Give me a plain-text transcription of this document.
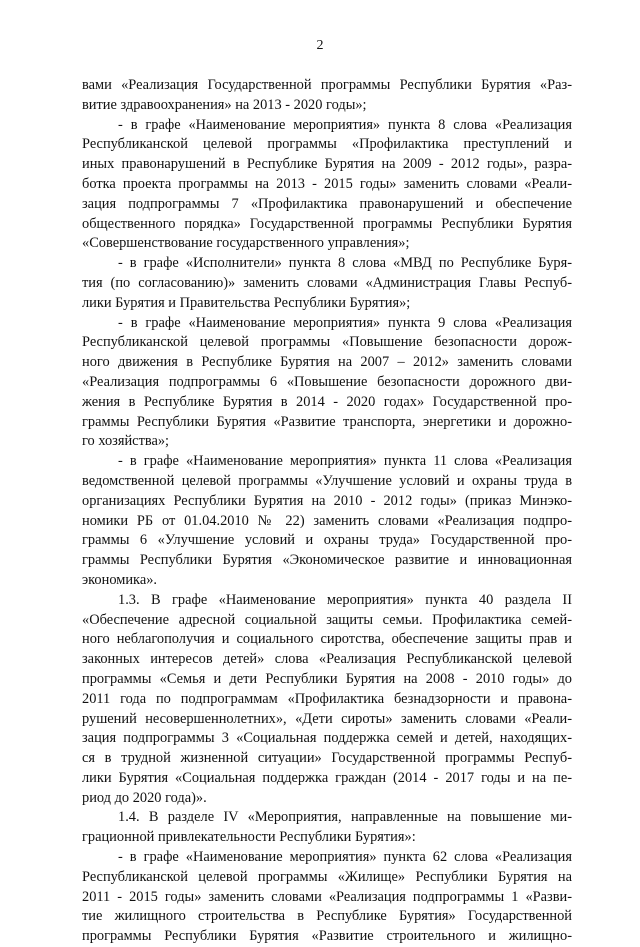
2
вами «Реализация Государственной программы Республики Бурятия «Раз-
витие здравоохранения» на 2013 - 2020 годы»;
- в графе «Наименование мероприятия» пункта 8 слова «Реализация
Республиканской целевой программы «Профилактика преступлений и
иных правонарушений в Республике Бурятия на 2009 - 2012 годы», разра-
ботка проекта программы на 2013 - 2015 годы» заменить словами «Реали-
зация подпрограммы 7 «Профилактика правонарушений и обеспечение
общественного порядка» Государственной программы Республики Бурятия
«Совершенствование государственного управления»;
- в графе «Исполнители» пункта 8 слова «МВД по Республике Буря-
тия (по согласованию)» заменить словами «Администрация Главы Респуб-
лики Бурятия и Правительства Республики Бурятия»;
- в графе «Наименование мероприятия» пункта 9 слова «Реализация
Республиканской целевой программы «Повышение безопасности дорож-
ного движения в Республике Бурятия на 2007 – 2012» заменить словами
«Реализация подпрограммы 6 «Повышение безопасности дорожного дви-
жения в Республике Бурятия в 2014 - 2020 годах» Государственной про-
граммы Республики Бурятия «Развитие транспорта, энергетики и дорожно-
го хозяйства»;
- в графе «Наименование мероприятия» пункта 11 слова «Реализация
ведомственной целевой программы «Улучшение условий и охраны труда в
организациях Республики Бурятия на 2010 - 2012 годы» (приказ Минэко-
номики РБ от 01.04.2010 № 22) заменить словами «Реализация подпро-
граммы 6 «Улучшение условий и охраны труда» Государственной про-
граммы Республики Бурятия «Экономическое развитие и инновационная
экономика».
1.3. В графе «Наименование мероприятия» пункта 40 раздела II
«Обеспечение адресной социальной защиты семьи. Профилактика семей-
ного неблагополучия и социального сиротства, обеспечение защиты прав и
законных интересов детей» слова «Реализация Республиканской целевой
программы «Семья и дети Республики Бурятия на 2008 - 2010 годы» до
2011 года по подпрограммам «Профилактика безнадзорности и правона-
рушений несовершеннолетних», «Дети сироты» заменить словами «Реали-
зация подпрограммы 3 «Социальная поддержка семей и детей, находящих-
ся в трудной жизненной ситуации» Государственной программы Респуб-
лики Бурятия «Социальная поддержка граждан (2014 - 2017 годы и на пе-
риод до 2020 года)».
1.4. В разделе IV «Мероприятия, направленные на повышение ми-
грационной привлекательности Республики Бурятия»:
- в графе «Наименование мероприятия» пункта 62 слова «Реализация
Республиканской целевой программы «Жилище» Республики Бурятия на
2011 - 2015 годы» заменить словами «Реализация подпрограммы 1 «Разви-
тие жилищного строительства в Республике Бурятия» Государственной
программы Республики Бурятия «Развитие строительного и жилищно-
